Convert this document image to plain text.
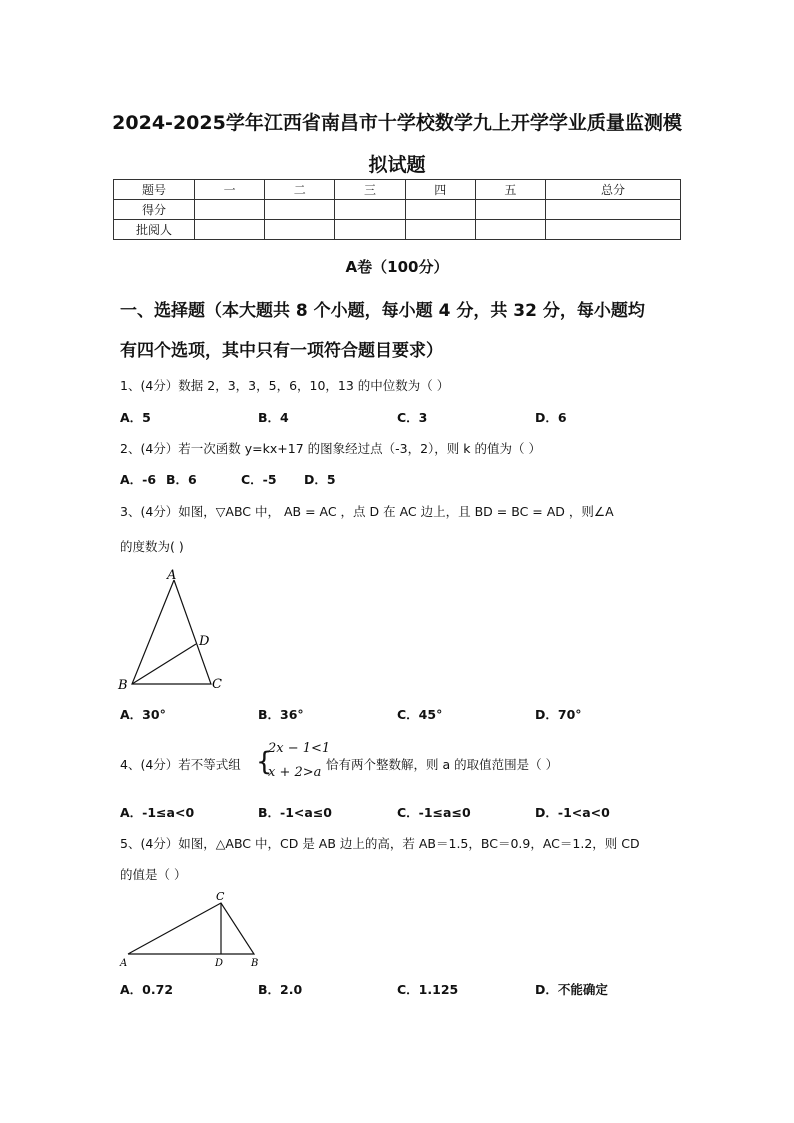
2024-2025学年江西省南昌市十学校数学九上开学学业质量监测模
拟试题
题号	一	二	三	四	五	总分
得分						
批阅人						
A卷（100分）
一、选择题（本大题共 8 个小题，每小题 4 分，共 32 分，每小题均
有四个选项，其中只有一项符合题目要求）
1、(4分）数据 2，3，3，5，6，10，13 的中位数为（ ）
A．5	B．4	C．3	D．6
2、(4分）若一次函数 y=kx+17 的图象经过点（-3，2），则 k 的值为（ ）
A．-6 B．6	C．-5 D．5
3、(4分）如图，▽ABC 中， AB = AC ，点 D 在 AC 边上，且 BD = BC = AD ，则∠A
的度数为( )
A
D
B	C
A．30°	B．36°	C．45°	D．70°
4、(4分）若不等式组 {
2x − 1<1
x + 2>a
恰有两个整数解，则 a 的取值范围是（ ）
A．-1≤a<0	B．-1<a≤0	C．-1≤a≤0	D．-1<a<0
5、(4分）如图，△ABC 中，CD 是 AB 边上的高，若 AB＝1.5，BC＝0.9，AC＝1.2，则 CD
的值是（ ）
C
A	D	B
A．0.72	B．2.0	C．1.125	D．不能确定
